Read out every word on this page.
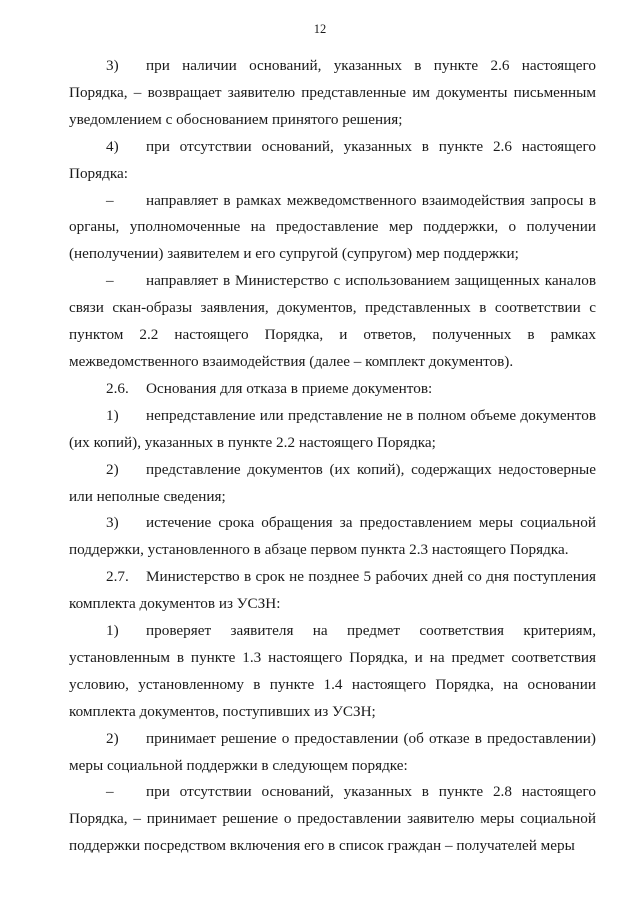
12

3) при наличии оснований, указанных в пункте 2.6 настоящего Порядка, – возвращает заявителю представленные им документы письменным уведомлением с обоснованием принятого решения;

4) при отсутствии оснований, указанных в пункте 2.6 настоящего Порядка:

– направляет в рамках межведомственного взаимодействия запросы в органы, уполномоченные на предоставление мер поддержки, о получении (неполучении) заявителем и его супругой (супругом) мер поддержки;

– направляет в Министерство с использованием защищенных каналов связи скан-образы заявления, документов, представленных в соответствии с пунктом 2.2 настоящего Порядка, и ответов, полученных в рамках межведомственного взаимодействия (далее – комплект документов).

2.6. Основания для отказа в приеме документов:

1) непредставление или представление не в полном объеме документов (их копий), указанных в пункте 2.2 настоящего Порядка;

2) представление документов (их копий), содержащих недостоверные или неполные сведения;

3) истечение срока обращения за предоставлением меры социальной поддержки, установленного в абзаце первом пункта 2.3 настоящего Порядка.

2.7. Министерство в срок не позднее 5 рабочих дней со дня поступления комплекта документов из УСЗН:

1) проверяет заявителя на предмет соответствия критериям, установленным в пункте 1.3 настоящего Порядка, и на предмет соответствия условию, установленному в пункте 1.4 настоящего Порядка, на основании комплекта документов, поступивших из УСЗН;

2) принимает решение о предоставлении (об отказе в предоставлении) меры социальной поддержки в следующем порядке:

– при отсутствии оснований, указанных в пункте 2.8 настоящего Порядка, – принимает решение о предоставлении заявителю меры социальной поддержки посредством включения его в список граждан – получателей меры
